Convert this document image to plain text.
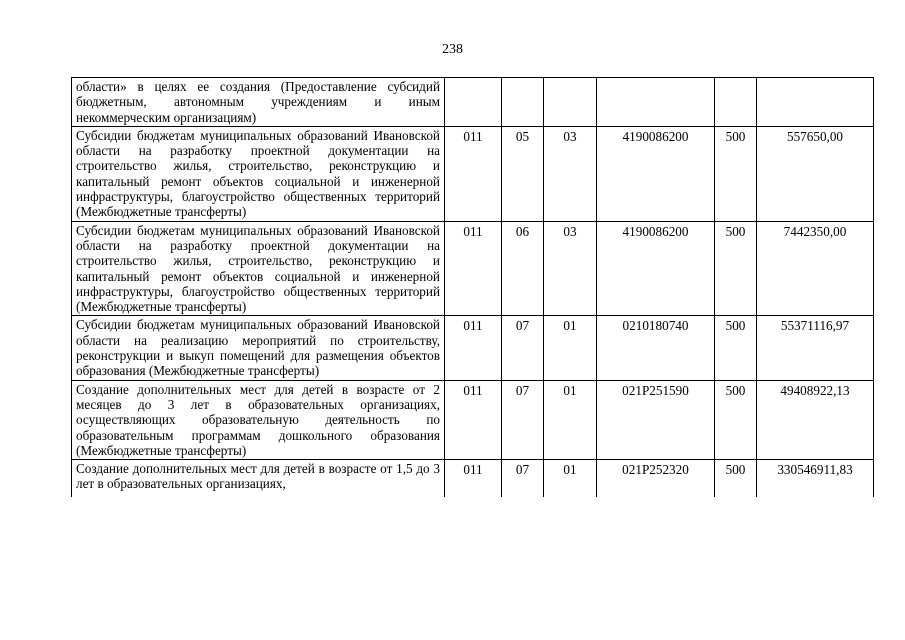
238
области» в целях ее создания (Предоставление субсидий бюджетным, автономным учреждениям и иным некоммерческим организациям)						
Субсидии бюджетам муниципальных образований Ивановской области на разработку проектной документации на строительство жилья, строительство, реконструкцию и капитальный ремонт объектов социальной и инженерной инфраструктуры, благоустройство общественных территорий (Межбюджетные трансферты)	011	05	03	4190086200	500	557650,00
Субсидии бюджетам муниципальных образований Ивановской области на разработку проектной документации на строительство жилья, строительство, реконструкцию и капитальный ремонт объектов социальной и инженерной инфраструктуры, благоустройство общественных территорий (Межбюджетные трансферты)	011	06	03	4190086200	500	7442350,00
Субсидии бюджетам муниципальных образований Ивановской области на реализацию мероприятий по строительству, реконструкции и выкуп помещений для размещения объектов образования (Межбюджетные трансферты)	011	07	01	0210180740	500	55371116,97
Создание дополнительных мест для детей в возрасте от 2 месяцев до 3 лет в образовательных организациях, осуществляющих образовательную деятельность по образовательным программам дошкольного образования (Межбюджетные трансферты)	011	07	01	021P251590	500	49408922,13
Создание дополнительных мест для детей в возрасте от 1,5 до 3 лет в образовательных организациях,	011	07	01	021P252320	500	330546911,83
